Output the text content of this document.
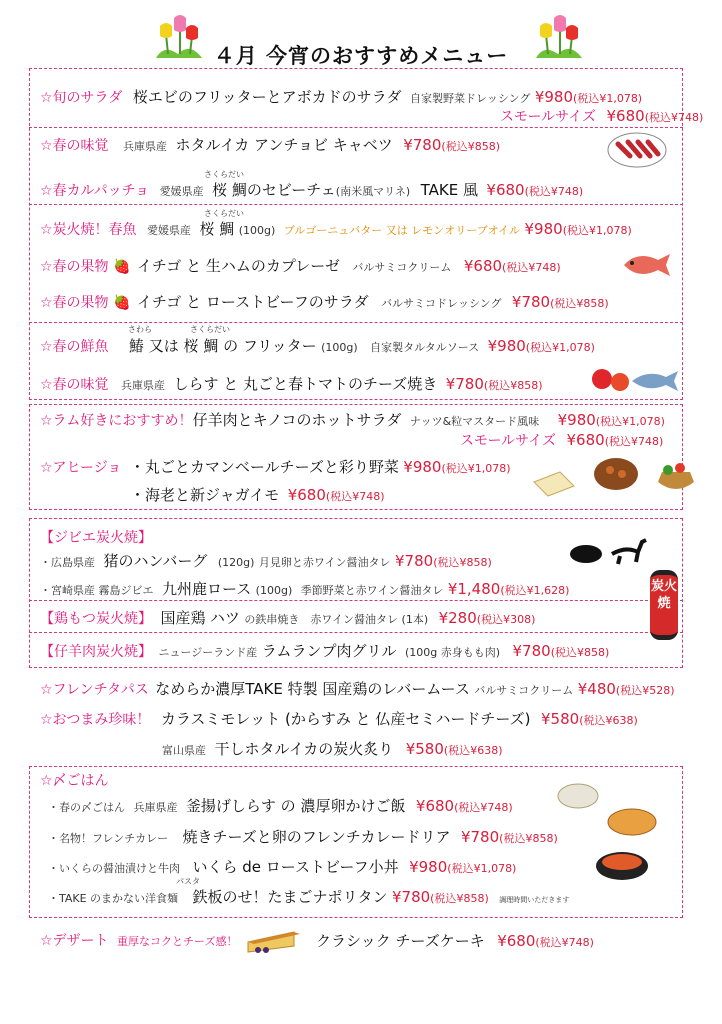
４月 今宵のおすすめメニュー
☆旬のサラダ 桜エビのフリッターとアボカドのサラダ 自家製野菜ドレッシング ¥980(税込¥1,078)
スモールサイズ ¥680(税込¥748)
☆春の味覚 兵庫県産 ホタルイカ アンチョビ キャベツ ¥780(税込¥858)
さくらだい
☆春カルパッチョ 愛媛県産 桜 鯛のセビーチェ(南米風マリネ) TAKE 風 ¥680(税込¥748)
さくらだい
☆炭火焼！春魚 愛媛県産 桜 鯛 (100g) ブルゴーニュバター 又は レモンオリーブオイル ¥980(税込¥1,078)
☆春の果物 🍓 イチゴ と 生ハムのカプレーゼ バルサミコクリーム ¥680(税込¥748)
☆春の果物 🍓 イチゴ と ローストビーフのサラダ バルサミコドレッシング ¥780(税込¥858)
さわら	さくらだい
☆春の鮮魚 鰆 又は 桜 鯛 の フリッター (100g) 自家製タルタルソース ¥980(税込¥1,078)
☆春の味覚 兵庫県産 しらす と 丸ごと春トマトのチーズ焼き ¥780(税込¥858)
☆ラム好きにおすすめ！仔羊肉とキノコのホットサラダ ナッツ&粒マスタード風味 ¥980(税込¥1,078)
スモールサイズ ¥680(税込¥748)
☆アヒージョ ・丸ごとカマンベールチーズと彩り野菜 ¥980(税込¥1,078)
・海老と新ジャガイモ ¥680(税込¥748)
【ジビエ炭火焼】
・広島県産 猪のハンバーグ (120g) 月見卵と赤ワイン醤油タレ ¥780(税込¥858)
・宮崎県産 霧島ジビエ 九州鹿ロース (100g) 季節野菜と赤ワイン醤油タレ ¥1,480(税込¥1,628)
【鶏もつ炭火焼】 国産鶏 ハツ の鉄串焼き　赤ワイン醤油タレ (1本) ¥280(税込¥308)
【仔羊肉炭火焼】 ニュージーランド産 ラムランプ肉グリル (100g 赤身もも肉) ¥780(税込¥858)
炭火焼
☆フレンチタパス なめらか濃厚TAKE 特製 国産鶏のレバームース バルサミコクリーム ¥480(税込¥528)
☆おつまみ珍味！ カラスミモレット (からすみ と 仏産セミハードチーズ) ¥580(税込¥638)
富山県産 干しホタルイカの炭火炙り ¥580(税込¥638)
☆〆ごはん
・春の〆ごはん 兵庫県産 釜揚げしらす の 濃厚卵かけご飯 ¥680(税込¥748)
・名物！フレンチカレー 焼きチーズと卵のフレンチカレードリア ¥780(税込¥858)
・いくらの醤油漬けと牛肉 いくら de ローストビーフ小丼 ¥980(税込¥1,078)
パスタ
・TAKE のまかない洋食麺 鉄板のせ！たまごナポリタン ¥780(税込¥858) 調理時間いただきます
☆デザート 重厚なコクとチーズ感！	クラシック チーズケーキ ¥680(税込¥748)
